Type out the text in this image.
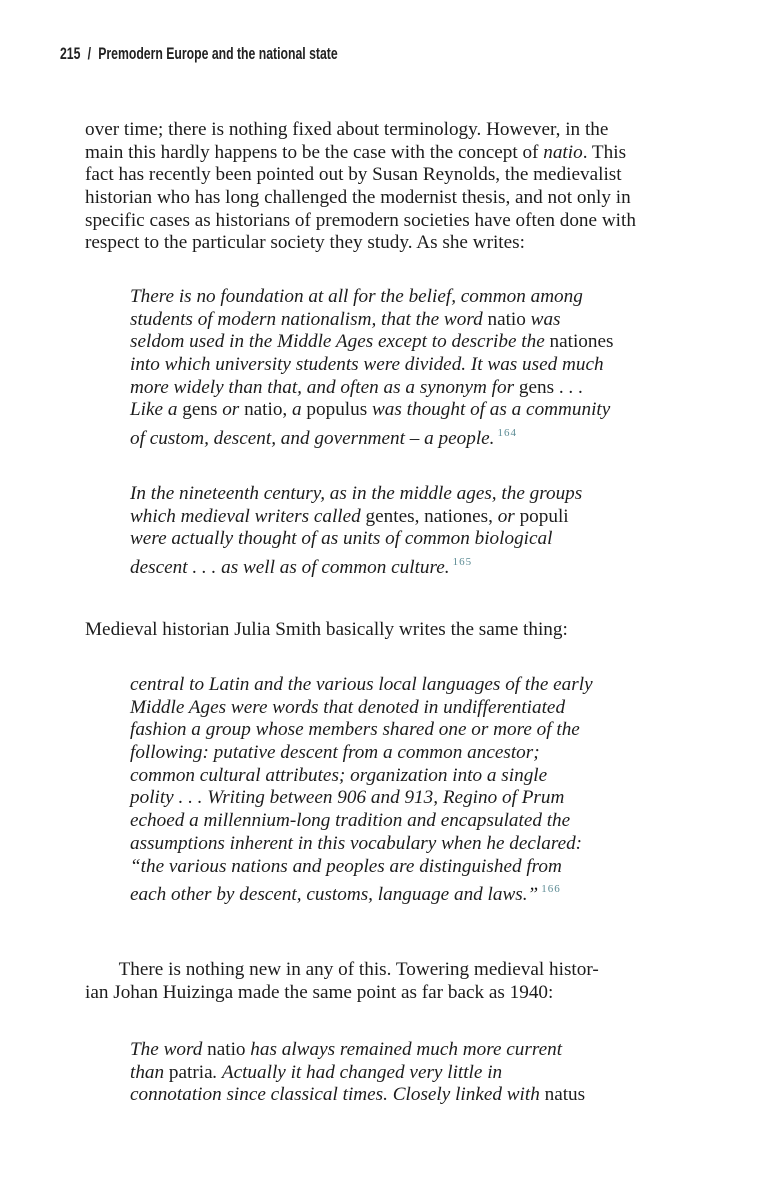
215 / Premodern Europe and the national state
over time; there is nothing fixed about terminology. However, in the
main this hardly happens to be the case with the concept of natio. This
fact has recently been pointed out by Susan Reynolds, the medievalist
historian who has long challenged the modernist thesis, and not only in
specific cases as historians of premodern societies have often done with
respect to the particular society they study. As she writes:
There is no foundation at all for the belief, common among
students of modern nationalism, that the word natio was
seldom used in the Middle Ages except to describe the nationes
into which university students were divided. It was used much
more widely than that, and often as a synonym for gens . . .
Like a gens or natio, a populus was thought of as a community
of custom, descent, and government – a people. $^{164}$
In the nineteenth century, as in the middle ages, the groups
which medieval writers called gentes, nationes, or populi
were actually thought of as units of common biological
descent . . . as well as of common culture. $^{165}$
Medieval historian Julia Smith basically writes the same thing:
central to Latin and the various local languages of the early
Middle Ages were words that denoted in undifferentiated
fashion a group whose members shared one or more of the
following: putative descent from a common ancestor;
common cultural attributes; organization into a single
polity . . . Writing between 906 and 913, Regino of Prum
echoed a millennium-long tradition and encapsulated the
assumptions inherent in this vocabulary when he declared:
“the various nations and peoples are distinguished from
each other by descent, customs, language and laws.” $^{166}$
There is nothing new in any of this. Towering medieval histor-
ian Johan Huizinga made the same point as far back as 1940:
The word natio has always remained much more current
than patria. Actually it had changed very little in
connotation since classical times. Closely linked with natus
